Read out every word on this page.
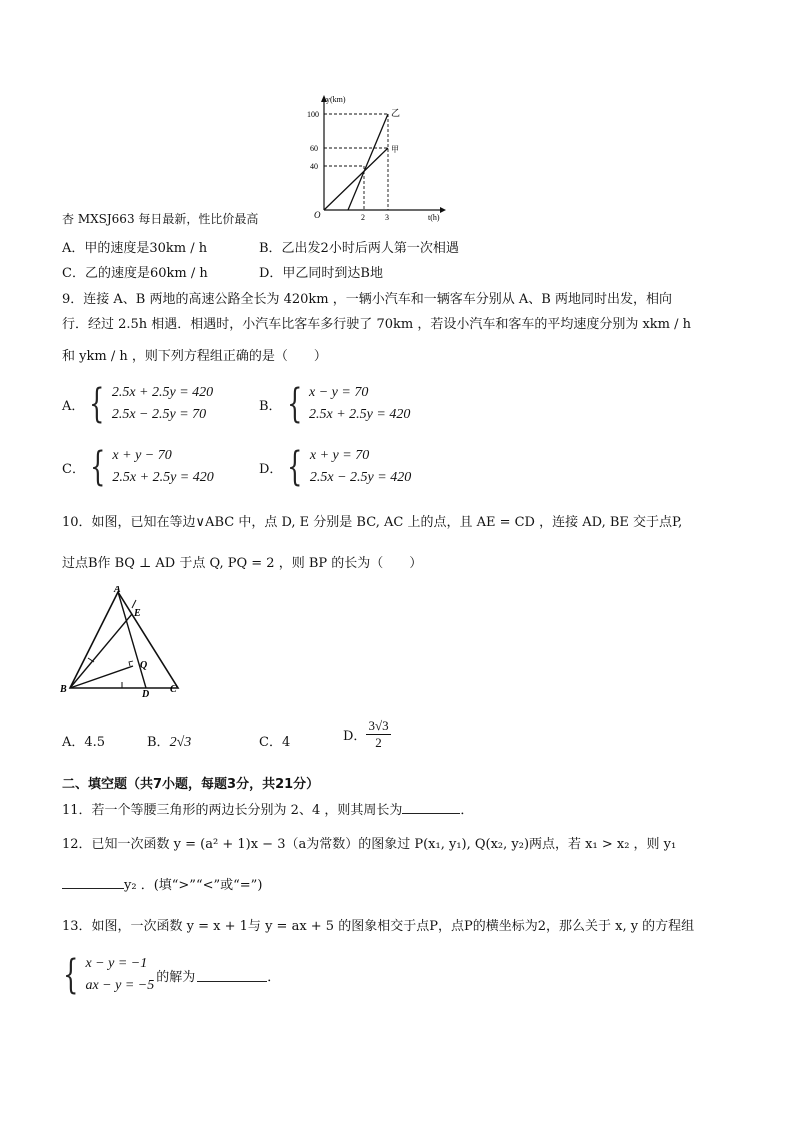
y(km)
t(h)
100
60
40
2	3
O
乙
甲
杏 MXSJ663 每日最新，性比价最高
A．甲的速度是30km / h	B．乙出发2小时后两人第一次相遇
C．乙的速度是60km / h	D．甲乙同时到达B地
9．连接 A、B 两地的高速公路全长为 420km ，一辆小汽车和一辆客车分别从 A、B 两地同时出发，相向
行．经过 2.5h 相遇．相遇时，小汽车比客车多行驶了 70km ，若设小汽车和客车的平均速度分别为 xkm / h
和 ykm / h ，则下列方程组正确的是（　　）
A． { 2.5x + 2.5y = 420
2.5x − 2.5y = 70
B． { x − y = 70
2.5x + 2.5y = 420
C． { x + y − 70
2.5x + 2.5y = 420
D． { x + y = 70
2.5x − 2.5y = 420
10．如图，已知在等边∨ABC 中，点 D, E 分别是 BC, AC 上的点，且 AE = CD ，连接 AD, BE 交于点P,
过点B作 BQ ⊥ AD 于点 Q, PQ = 2 ，则 BP 的长为（　　）
A
E
Q
B	D C
A．4.5	B．2√3	C．4	D． $\frac{3√3}{2}$
二、填空题（共7小题，每题3分，共21分）
11．若一个等腰三角形的两边长分别为 2、4 ，则其周长为	．
12．已知一次函数 y = (a² + 1)x − 3（a为常数）的图象过 P(x₁, y₁), Q(x₂, y₂)两点，若 x₁ > x₂ ，则 y₁
y₂ ．(填“>”“<”或“=”)
13．如图，一次函数 y = x + 1与 y = ax + 5 的图象相交于点P，点P的横坐标为2，那么关于 x, y 的方程组
{ x − y = −1
ax − y = −5
的解为	．
